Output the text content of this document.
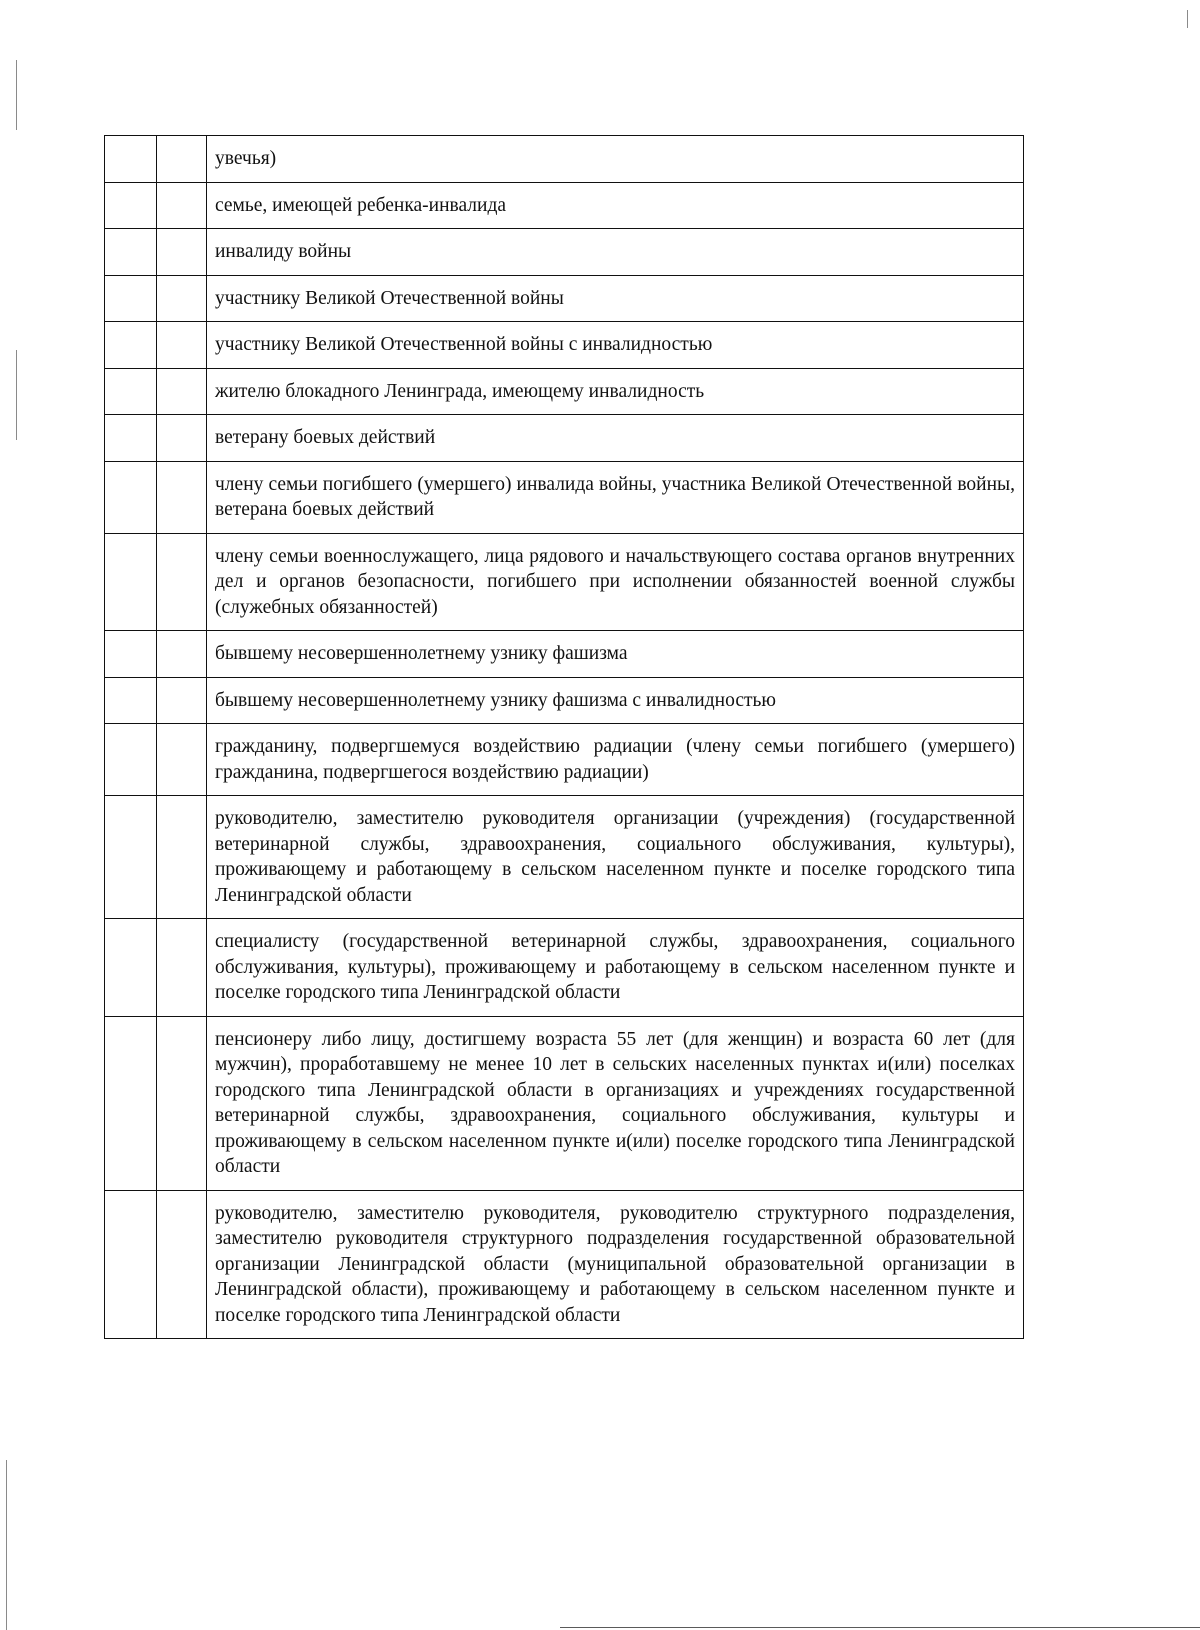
		увечья)

		семье, имеющей ребенка-инвалида

		инвалиду войны

		участнику Великой Отечественной войны

		участнику Великой Отечественной войны с инвалидностью

		жителю блокадного Ленинграда, имеющему инвалидность

		ветерану боевых действий

		члену семьи погибшего (умершего) инвалида войны, участника Великой Отечественной войны, ветерана боевых действий

		члену семьи военнослужащего, лица рядового и начальствующего состава органов внутренних дел и органов безопасности, погибшего при исполнении обязанностей военной службы (служебных обязанностей)

		бывшему несовершеннолетнему узнику фашизма

		бывшему несовершеннолетнему узнику фашизма с инвалидностью

		гражданину, подвергшемуся воздействию радиации (члену семьи погибшего (умершего) гражданина, подвергшегося воздействию радиации)

		руководителю, заместителю руководителя организации (учреждения) (государственной ветеринарной службы, здравоохранения, социального обслуживания, культуры), проживающему и работающему в сельском населенном пункте и поселке городского типа Ленинградской области

		специалисту (государственной ветеринарной службы, здравоохранения, социального обслуживания, культуры), проживающему и работающему в сельском населенном пункте и поселке городского типа Ленинградской области

		пенсионеру либо лицу, достигшему возраста 55 лет (для женщин) и возраста 60 лет (для мужчин), проработавшему не менее 10 лет в сельских населенных пунктах и(или) поселках городского типа Ленинградской области в организациях и учреждениях государственной ветеринарной службы, здравоохранения, социального обслуживания, культуры и проживающему в сельском населенном пункте и(или) поселке городского типа Ленинградской области

		руководителю, заместителю руководителя, руководителю структурного подразделения, заместителю руководителя структурного подразделения государственной образовательной организации Ленинградской области (муниципальной образовательной организации в Ленинградской области), проживающему и работающему в сельском населенном пункте и поселке городского типа Ленинградской области
